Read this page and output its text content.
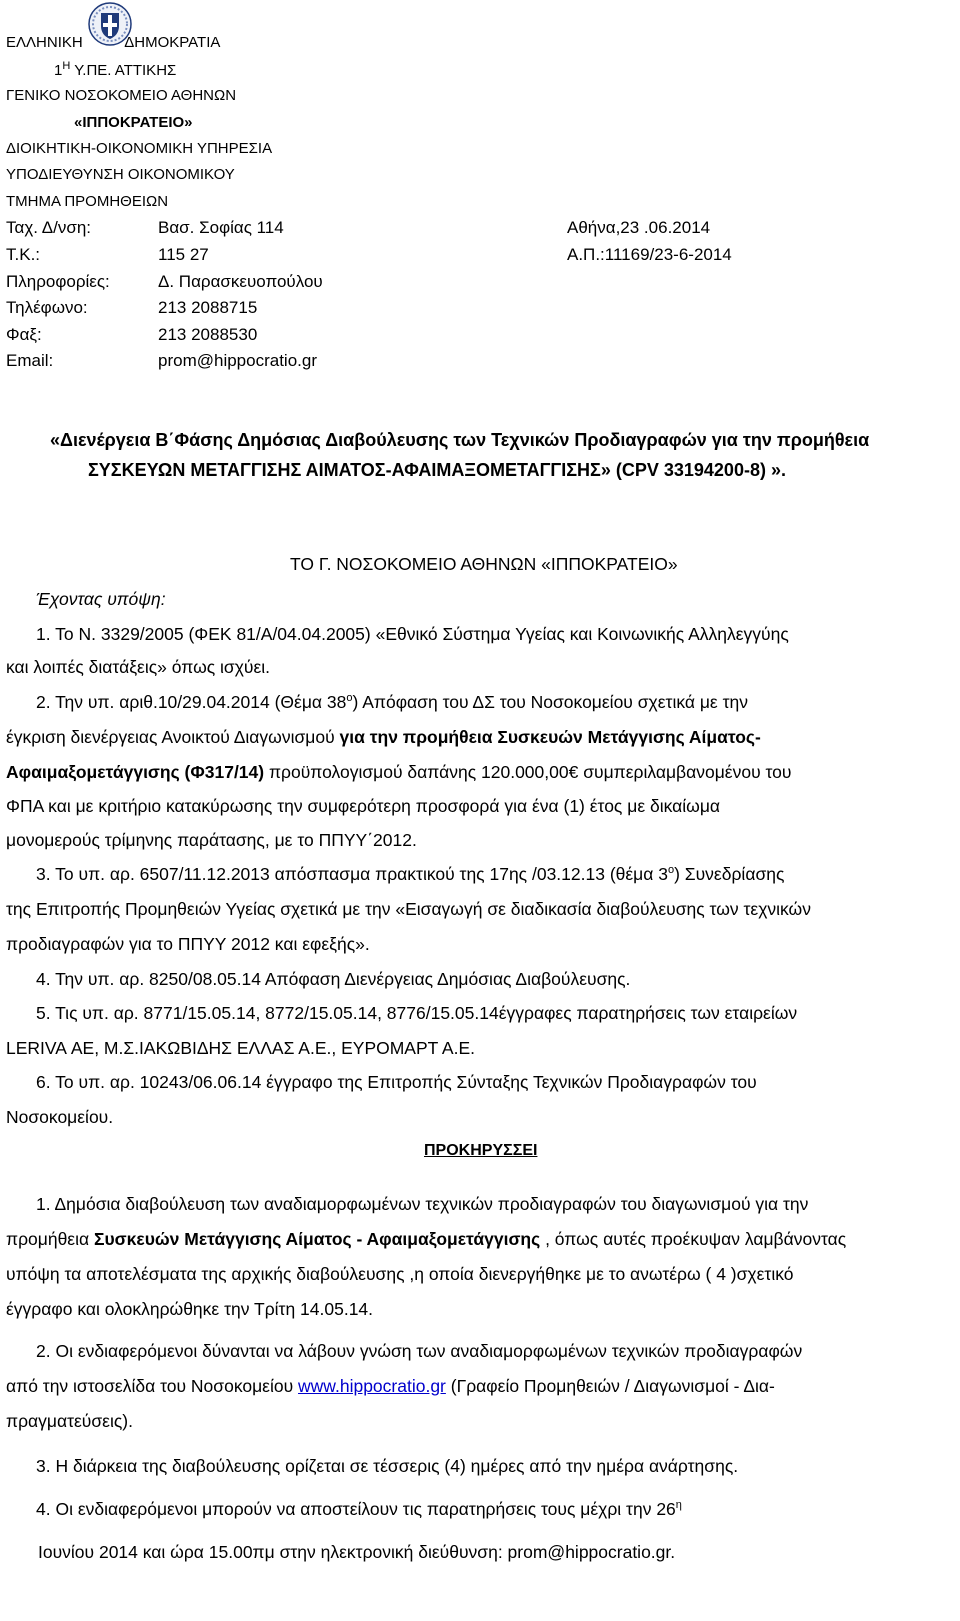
ΕΛΛΗΝΙΚΗ	ΔΗΜΟΚΡΑΤΙΑ
$1^H$ Υ.ΠΕ. ΑΤΤΙΚΗΣ
ΓΕΝΙΚΟ ΝΟΣΟΚΟΜΕΙΟ ΑΘΗΝΩΝ
«ΙΠΠΟΚΡΑΤΕΙΟ»
ΔΙΟΙΚΗΤΙΚΗ-ΟΙΚΟΝΟΜΙΚΗ ΥΠΗΡΕΣΙΑ
ΥΠΟΔΙΕΥΘΥΝΣΗ ΟΙΚΟΝΟΜΙΚΟΥ
ΤΜΗΜΑ ΠΡΟΜΗΘΕΙΩΝ
Ταχ. Δ/νση:	Βασ. Σοφίας 114	Αθήνα,23 .06.2014
Τ.Κ.:	115 27	Α.Π.:11169/23-6-2014
Πληροφορίες:	Δ. Παρασκευοπούλου
Τηλέφωνο:	213 2088715
Φαξ:	213 2088530
Email:	prom@hippocratio.gr
«Διενέργεια Β΄Φάσης Δημόσιας Διαβούλευσης των Τεχνικών Προδιαγραφών για την προμήθεια
ΣΥΣΚΕΥΩΝ ΜΕΤΑΓΓΙΣΗΣ ΑΙΜΑΤΟΣ-ΑΦΑΙΜΑΞΟΜΕΤΑΓΓΙΣΗΣ» (CPV 33194200-8) ».
ΤΟ Γ. ΝΟΣΟΚΟΜΕΙΟ ΑΘΗΝΩΝ «ΙΠΠΟΚΡΑΤΕΙΟ»
Έχοντας υπόψη:
1. Το Ν. 3329/2005 (ΦΕΚ 81/Α/04.04.2005) «Εθνικό Σύστημα Υγείας και Κοινωνικής Αλληλεγγύης
και λοιπές διατάξεις» όπως ισχύει.
2. Την υπ. αριθ.10/29.04.2014 (Θέμα $38^o$) Απόφαση του ΔΣ του Νοσοκομείου σχετικά με την
έγκριση διενέργειας Ανοικτού Διαγωνισμού για την προμήθεια Συσκευών Μετάγγισης Αίματος-
Αφαιμαξομετάγγισης (Φ317/14) προϋπολογισμού δαπάνης 120.000,00€ συμπεριλαμβανομένου του
ΦΠΑ και με κριτήριο κατακύρωσης την συμφερότερη προσφορά για ένα (1) έτος με δικαίωμα
μονομερούς τρίμηνης παράτασης, με το ΠΠΥΥ΄2012.
3. Το υπ. αρ. 6507/11.12.2013 απόσπασμα πρακτικού της 17ης /03.12.13 (θέμα $3^o$) Συνεδρίασης
της Επιτροπής Προμηθειών Υγείας σχετικά με την «Εισαγωγή σε διαδικασία διαβούλευσης των τεχνικών
προδιαγραφών για το ΠΠΥΥ 2012 και εφεξής».
4. Την υπ. αρ. 8250/08.05.14 Απόφαση Διενέργειας Δημόσιας Διαβούλευσης.
5. Τις υπ. αρ. 8771/15.05.14, 8772/15.05.14, 8776/15.05.14έγγραφες παρατηρήσεις των εταιρείων
LERIVA ΑΕ, Μ.Σ.ΙΑΚΩΒΙΔΗΣ ΕΛΛΑΣ Α.Ε., ΕΥΡΟΜΑΡΤ Α.Ε.
6. Το υπ. αρ. 10243/06.06.14 έγγραφο της Επιτροπής Σύνταξης Τεχνικών Προδιαγραφών του
Νοσοκομείου.
ΠΡΟΚΗΡΥΣΣΕΙ
1. Δημόσια διαβούλευση των αναδιαμορφωμένων τεχνικών προδιαγραφών του διαγωνισμού για την
προμήθεια Συσκευών Μετάγγισης Αίματος - Αφαιμαξομετάγγισης , όπως αυτές προέκυψαν λαμβάνοντας
υπόψη τα αποτελέσματα της αρχικής διαβούλευσης ,η οποία διενεργήθηκε με το ανωτέρω ( 4 )σχετικό
έγγραφο και ολοκληρώθηκε την Τρίτη 14.05.14.
2. Οι ενδιαφερόμενοι δύνανται να λάβουν γνώση των αναδιαμορφωμένων τεχνικών προδιαγραφών
από την ιστοσελίδα του Νοσοκομείου www.hippocratio.gr (Γραφείο Προμηθειών / Διαγωνισμοί - Δια-
πραγματεύσεις).
3. Η διάρκεια της διαβούλευσης ορίζεται σε τέσσερις (4) ημέρες από την ημέρα ανάρτησης.
4. Οι ενδιαφερόμενοι μπορούν να αποστείλουν τις παρατηρήσεις τους μέχρι την $26^\eta$
Ιουνίου 2014 και ώρα 15.00πμ στην ηλεκτρονική διεύθυνση: prom@hippocratio.gr.
